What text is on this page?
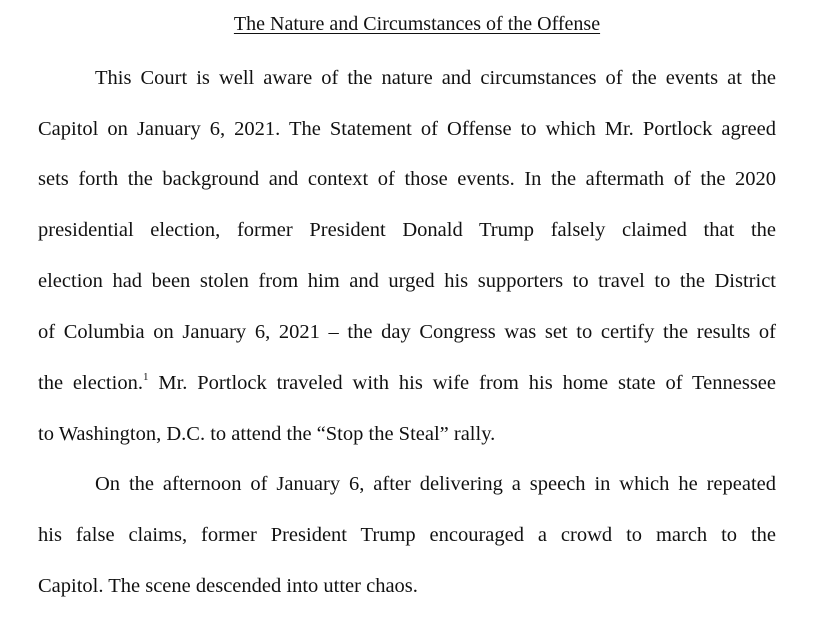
The Nature and Circumstances of the Offense
This Court is well aware of the nature and circumstances of the events at the
Capitol on January 6, 2021. The Statement of Offense to which Mr. Portlock agreed
sets forth the background and context of those events. In the aftermath of the 2020
presidential election, former President Donald Trump falsely claimed that the
election had been stolen from him and urged his supporters to travel to the District
of Columbia on January 6, 2021 – the day Congress was set to certify the results of
the election.$^1$ Mr. Portlock traveled with his wife from his home state of Tennessee
to Washington, D.C. to attend the “Stop the Steal” rally.
On the afternoon of January 6, after delivering a speech in which he repeated
his false claims, former President Trump encouraged a crowd to march to the
Capitol. The scene descended into utter chaos.
